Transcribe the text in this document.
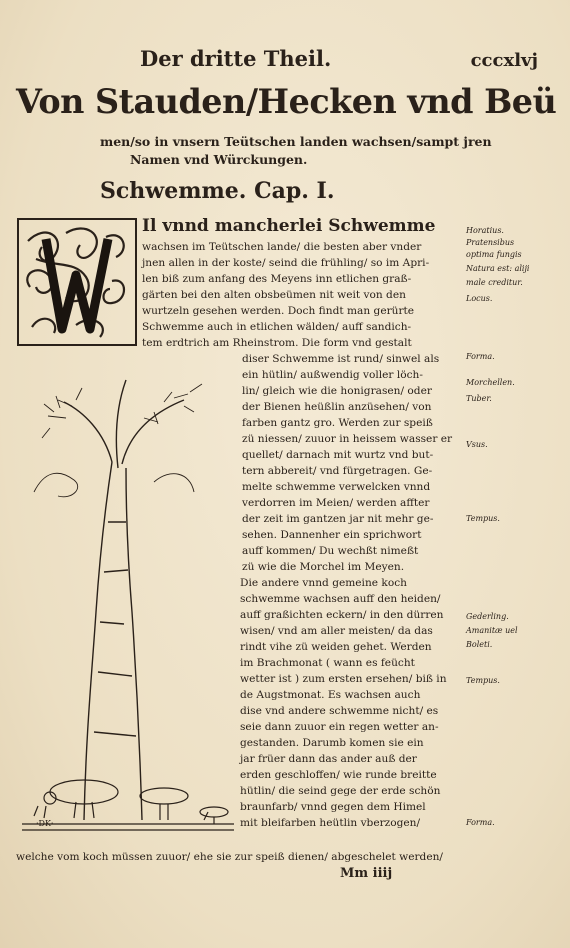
Der dritte Theil.	cccxlvj
Von Stauden/Hecken vnd Beü
men/so in vnsern Teütschen landen wachsen/sampt jren
Namen vnd Würckungen.
Schwemme. Cap. I.
Il vnnd mancherlei Schwemme
wachsen im Teütschen lande/ die besten aber vnder
jnen allen in der koste/ seind die frühling/ so im Apri-
len biß zum anfang des Meyens inn etlichen graß-
gärten bei den alten obsbeümen nit weit von den
wurtzeln gesehen werden. Doch findt man gerürte
Schwemme auch in etlichen wälden/ auff sandich-
tem erdtrich am Rheinstrom. Die form vnd gestalt
diser Schwemme ist rund/ sinwel als
ein hütlin/ außwendig voller löch-
lin/ gleich wie die honigrasen/ oder
der Bienen heüßlin anzüsehen/ von
farben gantz gro. Werden zur speiß
zü niessen/ zuuor in heissem wasser er
quellet/ darnach mit wurtz vnd but-
tern abbereit/ vnd fürgetragen. Ge-
melte schwemme verwelcken vnnd
verdorren im Meien/ werden affter
der zeit im gantzen jar nit mehr ge-
sehen. Dannenher ein sprichwort
auff kommen/ Du wechßt nimeßt
zü wie die Morchel im Meyen.
Die andere vnnd gemeine koch
schwemme wachsen auff den heiden/
auff graßichten eckern/ in den dürren
wisen/ vnd am aller meisten/ da das
rindt vihe zü weiden gehet. Werden
im Brachmonat ( wann es feücht
wetter ist ) zum ersten ersehen/ biß in
de Augstmonat. Es wachsen auch
dise vnd andere schwemme nicht/ es
seie dann zuuor ein regen wetter an-
gestanden. Darumb komen sie ein
jar früer dann das ander auß der
erden geschloffen/ wie runde breitte
hütlin/ die seind gege der erde schön
braunfarb/ vnnd gegen dem Himel
mit bleifarben heütlin vberzogen/
Horatius.
Pratensibus
optima fungis
Natura est: aliji
male creditur.
Locus.
Forma.
Morchellen.
Tuber.
Vsus.
Tempus.
Gederling.
Amanitæ uel
Boleti.
Tempus.
Forma.
·DK·
welche vom koch müssen zuuor/ ehe sie zur speiß dienen/ abgeschelet werden/
Mm iiij
